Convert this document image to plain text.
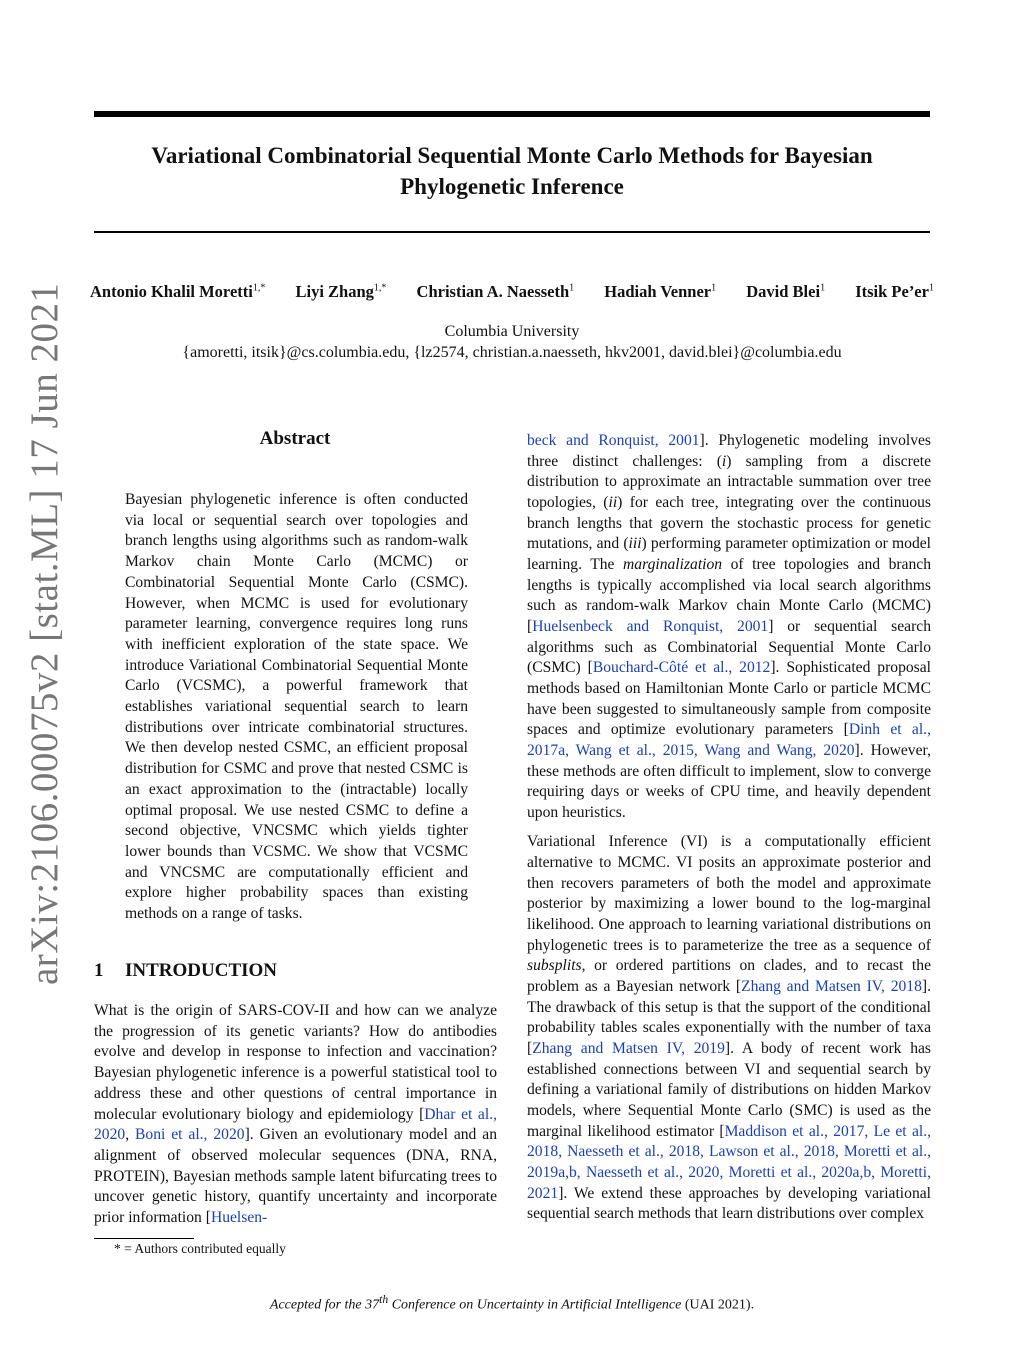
arXiv:2106.00075v2 [stat.ML] 17 Jun 2021
Variational Combinatorial Sequential Monte Carlo Methods for Bayesian Phylogenetic Inference
Antonio Khalil Moretti$^{1,*}$ Liyi Zhang$^{1,*}$ Christian A. Naesseth$^1$ Hadiah Venner$^1$ David Blei$^1$ Itsik $Pe’er^1$
Columbia University
{amoretti, itsik}@cs.columbia.edu, {lz2574, christian.a.naesseth, hkv2001, david.blei}@columbia.edu
Abstract

Bayesian phylogenetic inference is often conducted via local or sequential search over topologies and branch lengths using algorithms such as random-walk Markov chain Monte Carlo (MCMC) or Combinatorial Sequential Monte Carlo (CSMC). However, when MCMC is used for evolutionary parameter learning, convergence requires long runs with inefficient exploration of the state space. We introduce Variational Combinatorial Sequential Monte Carlo (VCSMC), a powerful framework that establishes variational sequential search to learn distributions over intricate combinatorial structures. We then develop nested CSMC, an efficient proposal distribution for CSMC and prove that nested CSMC is an exact approximation to the (intractable) locally optimal proposal. We use nested CSMC to define a second objective, VNCSMC which yields tighter lower bounds than VCSMC. We show that VCSMC and VNCSMC are computationally efficient and explore higher probability spaces than existing methods on a range of tasks.

1 INTRODUCTION

What is the origin of SARS-COV-II and how can we analyze the progression of its genetic variants? How do antibodies evolve and develop in response to infection and vaccination? Bayesian phylogenetic inference is a powerful statistical tool to address these and other questions of central importance in molecular evolutionary biology and epidemiology [Dhar et al., 2020, Boni et al., 2020]. Given an evolutionary model and an alignment of observed molecular sequences (DNA, RNA, PROTEIN), Bayesian methods sample latent bifurcating trees to uncover genetic history, quantify uncertainty and incorporate prior information [Huelsen-

* = Authors contributed equally

beck and Ronquist, 2001]. Phylogenetic modeling involves three distinct challenges: (i) sampling from a discrete distribution to approximate an intractable summation over tree topologies, (ii) for each tree, integrating over the continuous branch lengths that govern the stochastic process for genetic mutations, and (iii) performing parameter optimization or model learning. The marginalization of tree topologies and branch lengths is typically accomplished via local search algorithms such as random-walk Markov chain Monte Carlo (MCMC) [Huelsenbeck and Ronquist, 2001] or sequential search algorithms such as Combinatorial Sequential Monte Carlo (CSMC) [Bouchard-Côté et al., 2012]. Sophisticated proposal methods based on Hamiltonian Monte Carlo or particle MCMC have been suggested to simultaneously sample from composite spaces and optimize evolutionary parameters [Dinh et al., 2017a, Wang et al., 2015, Wang and Wang, 2020]. However, these methods are often difficult to implement, slow to converge requiring days or weeks of CPU time, and heavily dependent upon heuristics.

Variational Inference (VI) is a computationally efficient alternative to MCMC. VI posits an approximate posterior and then recovers parameters of both the model and approximate posterior by maximizing a lower bound to the log-marginal likelihood. One approach to learning variational distributions on phylogenetic trees is to parameterize the tree as a sequence of subsplits, or ordered partitions on clades, and to recast the problem as a Bayesian network [Zhang and Matsen IV, 2018]. The drawback of this setup is that the support of the conditional probability tables scales exponentially with the number of taxa [Zhang and Matsen IV, 2019]. A body of recent work has established connections between VI and sequential search by defining a variational family of distributions on hidden Markov models, where Sequential Monte Carlo (SMC) is used as the marginal likelihood estimator [Maddison et al., 2017, Le et al., 2018, Naesseth et al., 2018, Lawson et al., 2018, Moretti et al., 2019a,b, Naesseth et al., 2020, Moretti et al., 2020a,b, Moretti, 2021]. We extend these approaches by developing variational sequential search methods that learn distributions over complex

Accepted for the 37th Conference on Uncertainty in Artificial Intelligence (UAI 2021).
